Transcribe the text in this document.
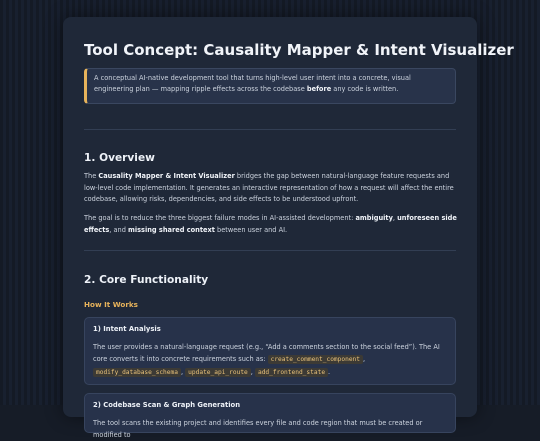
Tool Concept: Causality Mapper & Intent Visualizer
A conceptual AI-native development tool that turns high-level user intent into a concrete, visual engineering plan — mapping ripple effects across the codebase before any code is written.
1. Overview

The Causality Mapper & Intent Visualizer bridges the gap between natural-language feature requests and low-level code implementation. It generates an interactive representation of how a request will affect the entire codebase, allowing risks, dependencies, and side effects to be understood upfront.

The goal is to reduce the three biggest failure modes in AI-assisted development: ambiguity, unforeseen side effects, and missing shared context between user and AI.

2. Core Functionality
How It Works

1) Intent Analysis

The user provides a natural-language request (e.g., “Add a comments section to the social feed”). The AI core converts it into concrete requirements such as: create_comment_component , modify_database_schema , update_api_route , add_frontend_state .

2) Codebase Scan & Graph Generation

The tool scans the existing project and identifies every file and code region that must be created or modified to
